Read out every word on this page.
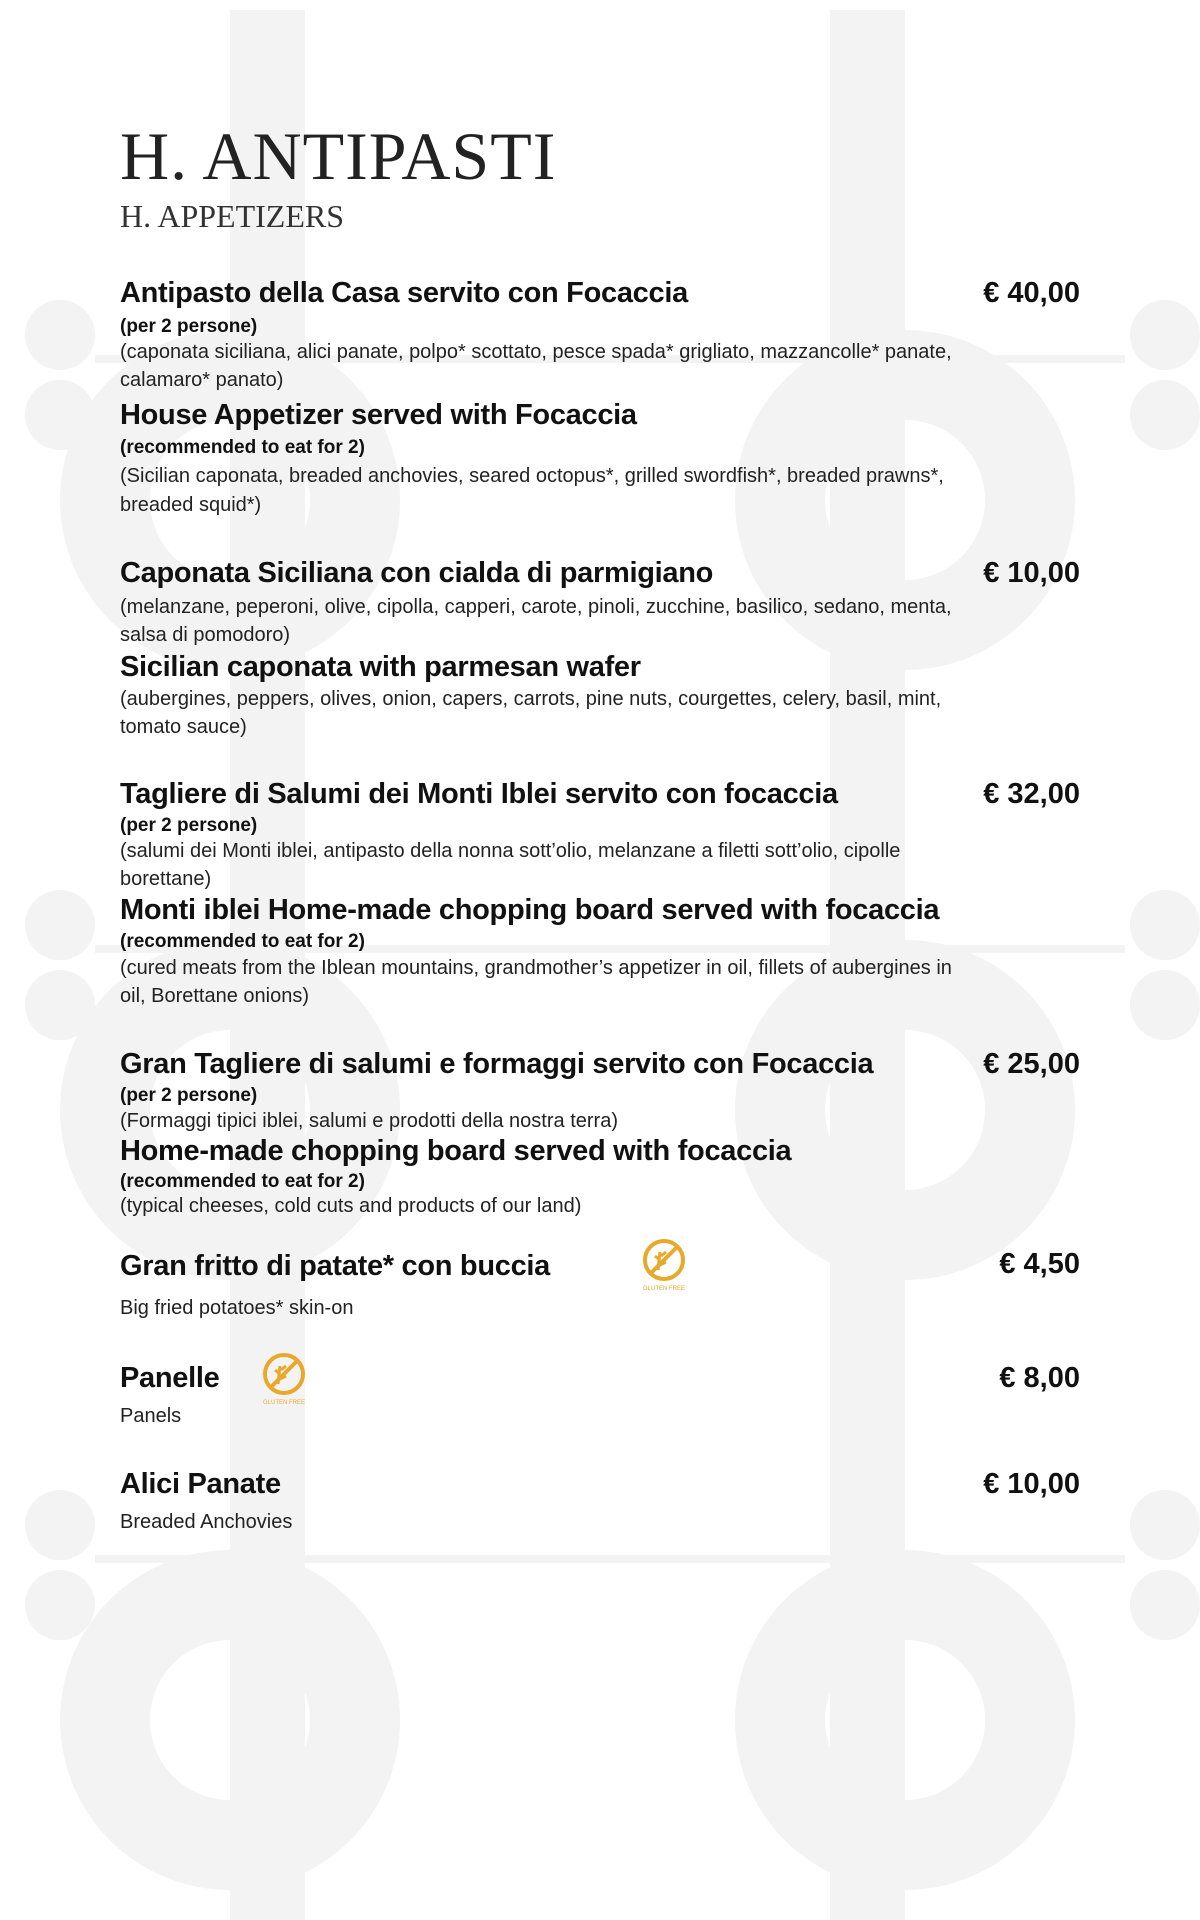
H. ANTIPASTI
H. APPETIZERS
Antipasto della Casa servito con Focaccia	€ 40,00
(per 2 persone)
(caponata siciliana, alici panate, polpo* scottato, pesce spada* grigliato, mazzancolle* panate,
calamaro* panato)
House Appetizer served with Focaccia
(recommended to eat for 2)
(Sicilian caponata, breaded anchovies, seared octopus*, grilled swordfish*, breaded prawns*,
breaded squid*)
Caponata Siciliana con cialda di parmigiano	€ 10,00
(melanzane, peperoni, olive, cipolla, capperi, carote, pinoli, zucchine, basilico, sedano, menta,
salsa di pomodoro)
Sicilian caponata with parmesan wafer
(aubergines, peppers, olives, onion, capers, carrots, pine nuts, courgettes, celery, basil, mint,
tomato sauce)
Tagliere di Salumi dei Monti Iblei servito con focaccia	€ 32,00
(per 2 persone)
(salumi dei Monti iblei, antipasto della nonna sott’olio, melanzane a filetti sott’olio, cipolle
borettane)
Monti iblei Home-made chopping board served with focaccia
(recommended to eat for 2)
(cured meats from the Iblean mountains, grandmother’s appetizer in oil, fillets of aubergines in
oil, Borettane onions)
Gran Tagliere di salumi e formaggi servito con Focaccia	€ 25,00
(per 2 persone)
(Formaggi tipici iblei, salumi e prodotti della nostra terra)
Home-made chopping board served with focaccia
(recommended to eat for 2)
(typical cheeses, cold cuts and products of our land)
Gran fritto di patate* con buccia	€ 4,50
Big fried potatoes* skin-on
GLUTEN FREE
Panelle	€ 8,00
Panels
GLUTEN FREE
Alici Panate	€ 10,00
Breaded Anchovies
